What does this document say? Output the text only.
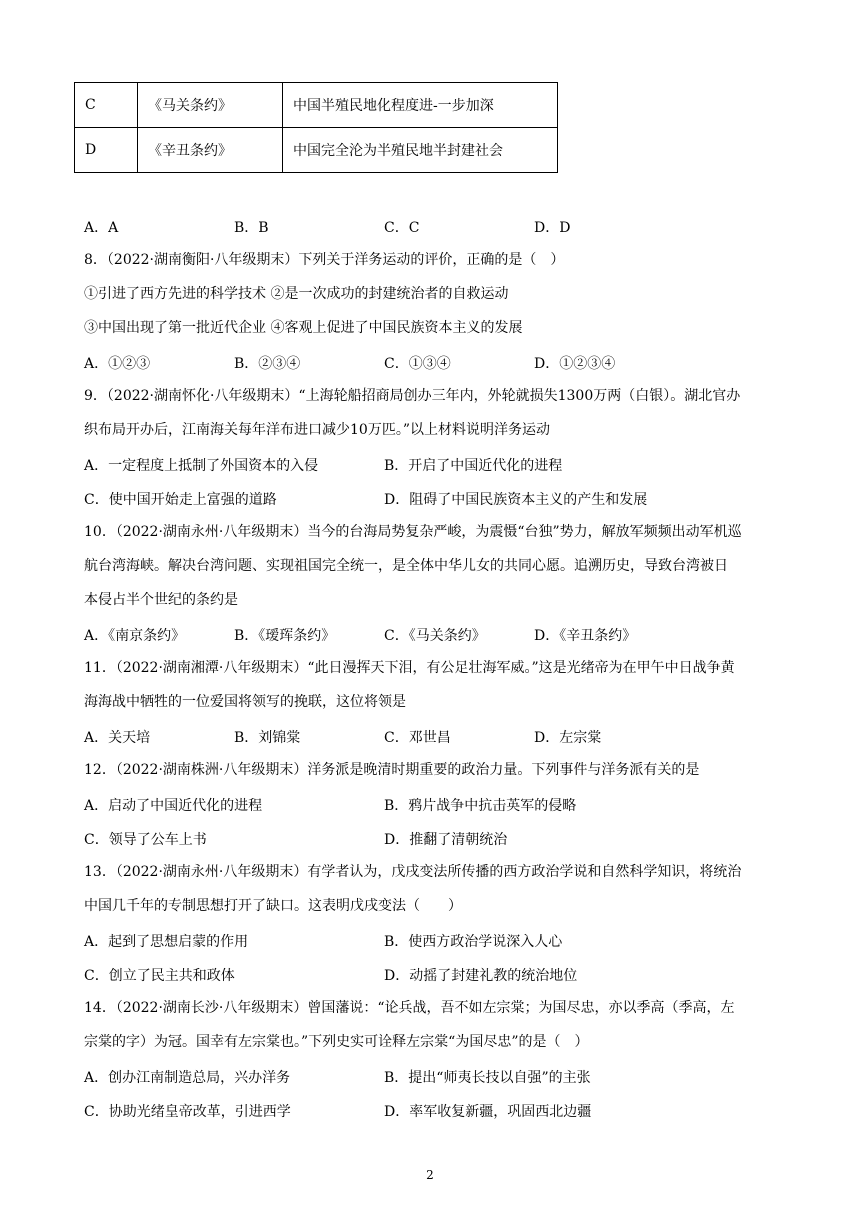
C	《马关条约》	中国半殖民地化程度进-一步加深
D	《辛丑条约》	中国完全沦为半殖民地半封建社会
A．A	B．B	C．C	D．D
8．（2022·湖南衡阳·八年级期末）下列关于洋务运动的评价，正确的是（　）
①引进了西方先进的科学技术 ②是一次成功的封建统治者的自救运动
③中国出现了第一批近代企业 ④客观上促进了中国民族资本主义的发展
A．①②③	B．②③④	C．①③④	D．①②③④
9．（2022·湖南怀化·八年级期末）“上海轮船招商局创办三年内，外轮就损失1300万两（白银）。湖北官办
织布局开办后，江南海关每年洋布进口减少10万匹。”以上材料说明洋务运动
A．一定程度上抵制了外国资本的入侵	B．开启了中国近代化的进程
C．使中国开始走上富强的道路	D．阻碍了中国民族资本主义的产生和发展
10．（2022·湖南永州·八年级期末）当今的台海局势复杂严峻，为震慑“台独”势力，解放军频频出动军机巡
航台湾海峡。解决台湾问题、实现祖国完全统一，是全体中华儿女的共同心愿。追溯历史，导致台湾被日
本侵占半个世纪的条约是
A．《南京条约》	B．《瑷珲条约》	C．《马关条约》	D．《辛丑条约》
11．（2022·湖南湘潭·八年级期末）“此日漫挥天下泪，有公足壮海军威。”这是光绪帝为在甲午中日战争黄
海海战中牺牲的一位爱国将领写的挽联，这位将领是
A．关天培	B．刘锦棠	C．邓世昌	D．左宗棠
12．（2022·湖南株洲·八年级期末）洋务派是晚清时期重要的政治力量。下列事件与洋务派有关的是
A．启动了中国近代化的进程	B．鸦片战争中抗击英军的侵略
C．领导了公车上书	D．推翻了清朝统治
13．（2022·湖南永州·八年级期末）有学者认为，戊戌变法所传播的西方政治学说和自然科学知识，将统治
中国几千年的专制思想打开了缺口。这表明戊戌变法（　　）
A．起到了思想启蒙的作用	B．使西方政治学说深入人心
C．创立了民主共和政体	D．动摇了封建礼教的统治地位
14．（2022·湖南长沙·八年级期末）曾国藩说：“论兵战，吾不如左宗棠；为国尽忠，亦以季高（季高，左
宗棠的字）为冠。国幸有左宗棠也。”下列史实可诠释左宗棠“为国尽忠”的是（　）
A．创办江南制造总局，兴办洋务	B．提出“师夷长技以自强”的主张
C．协助光绪皇帝改革，引进西学	D．率军收复新疆，巩固西北边疆
2
